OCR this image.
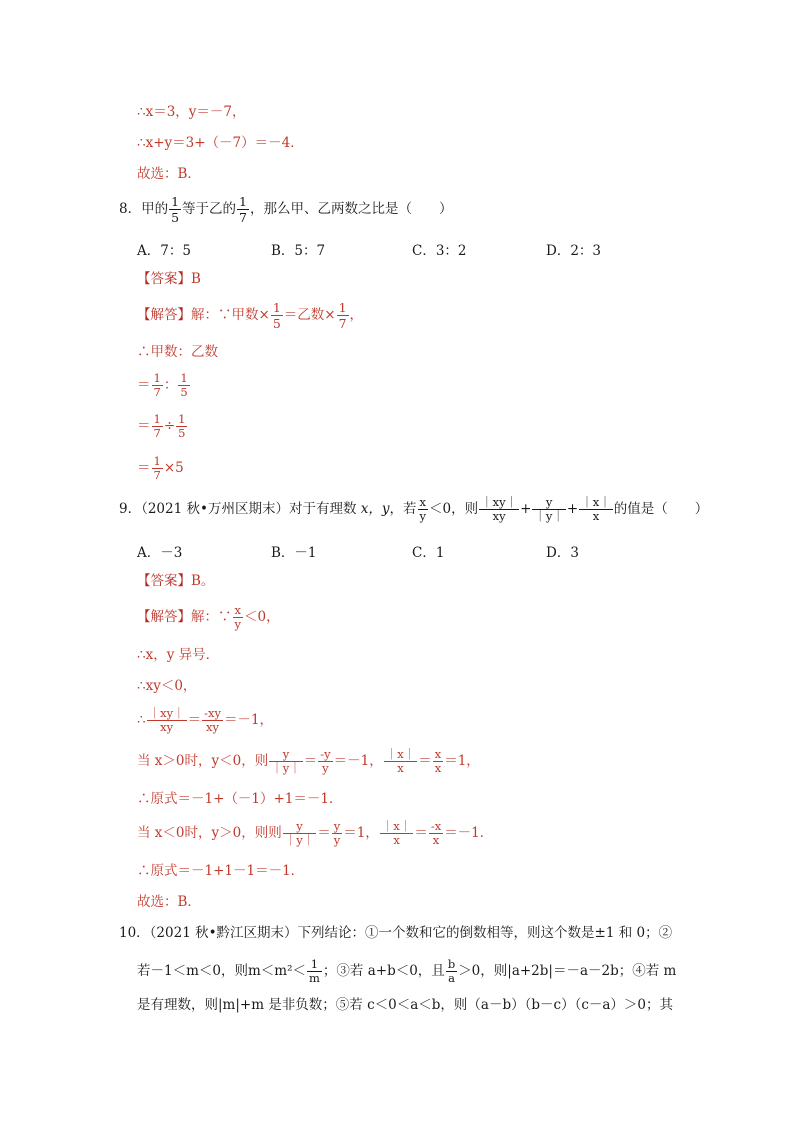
∴x＝3，y＝－7，
∴x+y＝3+（－7）＝－4．
故选：B．
8．甲的 $\frac{1}{5}$ 等于乙的 $\frac{1}{7}$ ，那么甲、乙两数之比是（　　）
A．7：5	B．5：7	C．3：2	D．2：3
【答案】B
【解答】解：∵甲数× $\frac{1}{5}$ ＝乙数× $\frac{1}{7}$ ，
∴甲数：乙数
＝ $\frac{1}{7}$ ： $\frac{1}{5}$
＝ $\frac{1}{7} \div \frac{1}{5}$
＝ $\frac{1}{7} \times 5$
9．（2021 秋•万州区期末）对于有理数 x，y，若 $\frac{x}{y} <0$，则 $\frac{|xy|}{xy} + \frac{y}{|y|} + \frac{|x|}{x}$ 的值是（　　）
A．－3	B．－1	C．1	D．3
【答案】B。
【解答】解：∵ $\frac{x}{y} <0$，
∴x，y 异号．
∴xy＜0，
∴ $\frac{|xy|}{xy} = \frac{-xy}{xy} =-1$，
当 x＞0时，y＜0，则 $\frac{y}{|y|} = \frac{-y}{y} =-1$， $\frac{|x|}{x} = \frac{x}{x} =1$，
∴原式＝－1+（－1）+1＝－1．
当 x＜0时，y＞0，则则 $\frac{y}{|y|} = \frac{y}{y} =1$， $\frac{|x|}{x} = \frac{-x}{x} =-1$．
∴原式＝－1+1－1＝－1．
故选：B．
10．（2021 秋•黔江区期末）下列结论：①一个数和它的倒数相等，则这个数是±1 和 0；②
若－1＜m＜0，则$m<m^2< \frac{1}{m}$ ；③若 a+b＜0，且 $\frac{b}{a} >0$，则|a+2b|＝－a－2b；④若 m
是有理数，则|m|+m 是非负数；⑤若 c＜0＜a＜b，则（a－b）（b－c）（c－a）＞0；其
